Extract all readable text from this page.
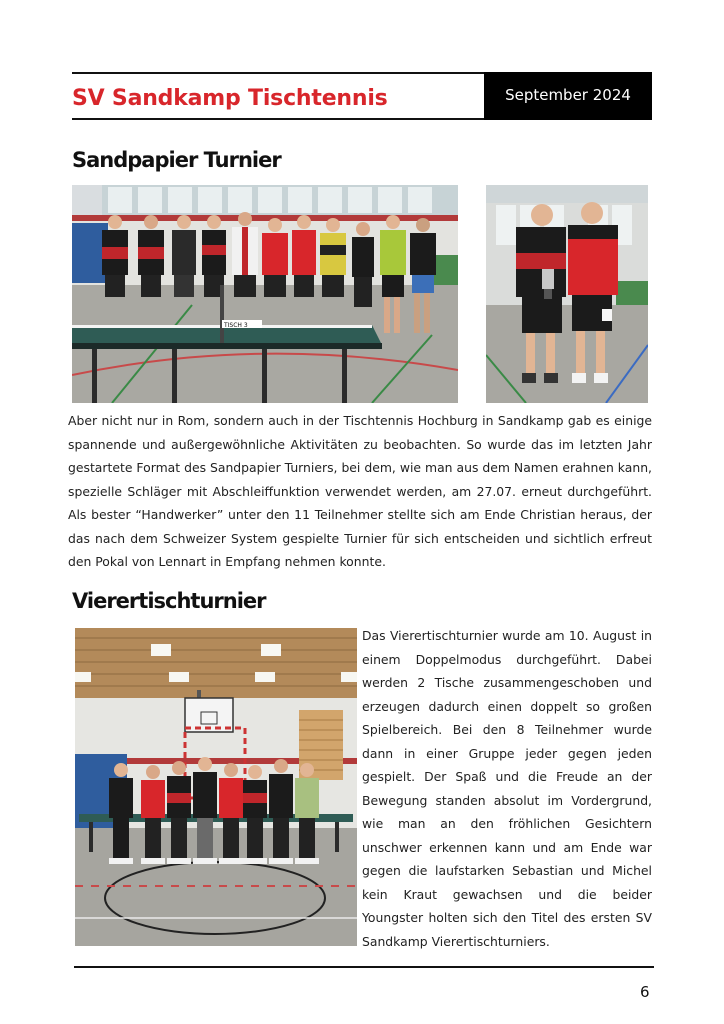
SV Sandkamp Tischtennis	September 2024
Sandpapier Turnier
TISCH 3
Aber nicht nur in Rom, sondern auch in der Tischtennis Hochburg in Sandkamp gab es einige spannende und außergewöhnliche Aktivitäten zu beobachten. So wurde das im letzten Jahr gestartete Format des Sandpapier Turniers, bei dem, wie man aus dem Namen erahnen kann, spezielle Schläger mit Abschleiffunktion verwendet werden, am 27.07. erneut durchgeführt. Als bester “Handwerker” unter den 11 Teilnehmer stellte sich am Ende Christian heraus, der das nach dem Schweizer System gespielte Turnier für sich entscheiden und sichtlich erfreut den Pokal von Lennart in Empfang nehmen konnte.
Vierertischturnier
Das Vierertischturnier wurde am 10. August in einem Doppelmodus durchgeführt. Dabei werden 2 Tische zusammengeschoben und erzeugen dadurch einen doppelt so großen Spielbereich. Bei den 8 Teilnehmer wurde dann in einer Gruppe jeder gegen jeden gespielt. Der Spaß und die Freude an der Bewegung standen absolut im Vordergrund, wie man an den fröhlichen Gesichtern unschwer erkennen kann und am Ende war gegen die laufstarken Sebastian und Michel kein Kraut gewachsen und die beider Youngster holten sich den Titel des ersten SV Sandkamp Vierertischturniers.
6
